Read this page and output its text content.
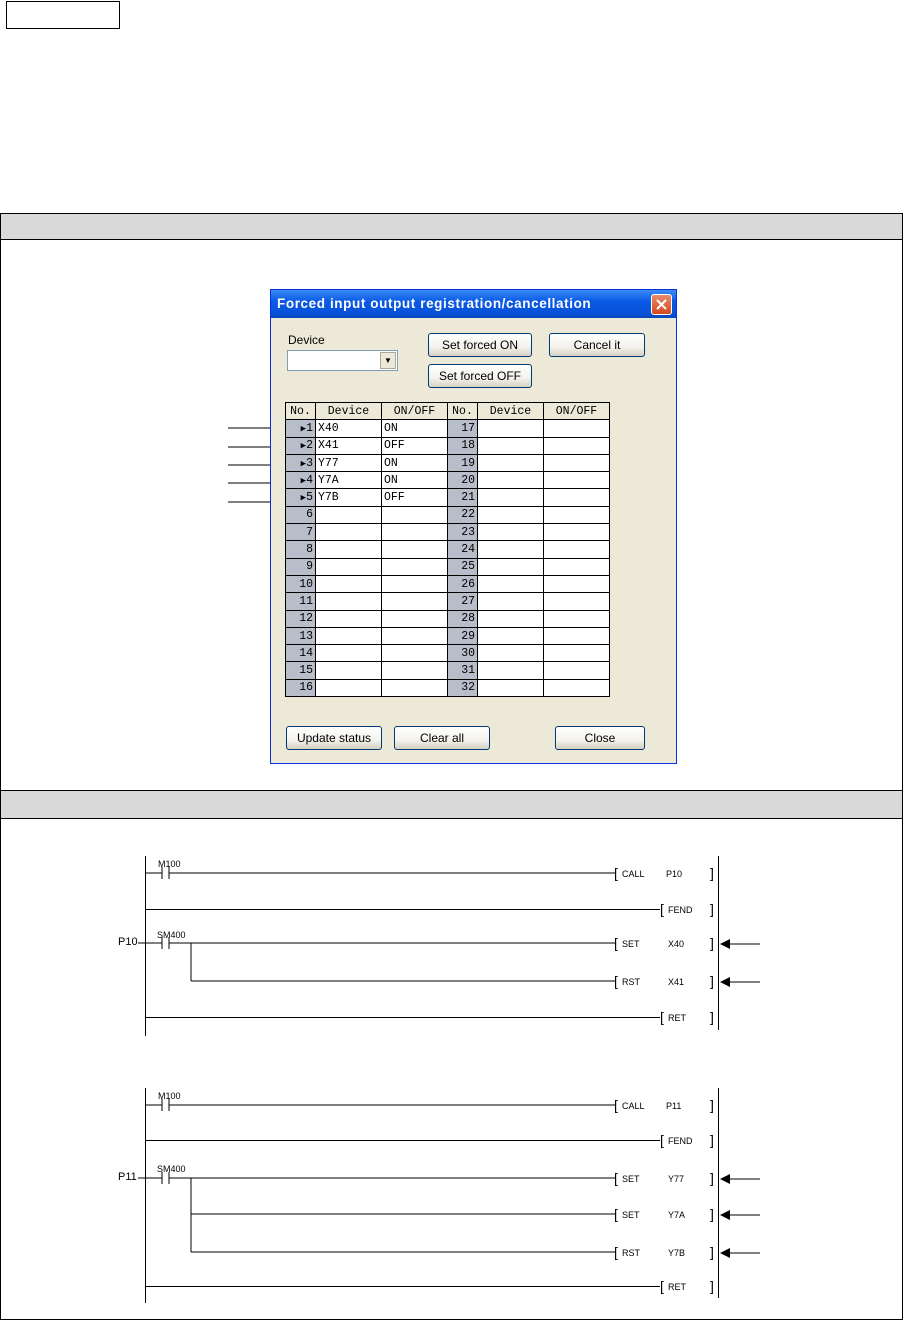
Forced input output registration/cancellation
Device
▼
Set forced ON	Cancel it
Set forced OFF
No.	Device	ON/OFF	No.	Device	ON/OFF
▶1	X40	ON	17		
▶2	X41	OFF	18		
▶3	Y77	ON	19		
▶4	Y7A	ON	20		
▶5	Y7B	OFF	21		
6			22		
7			23		
8			24		
9			25		
10			26		
11			27		
12			28		
13			29		
14			30		
15			31		
16			32		
Update status	Clear all	Close
M100
[ CALL P10 ]
[ FEND ]
P10
SM400	[ SET	X40 ]
[ RST	X41 ]
[ RET ]
M100
[ CALL P11 ]
[ FEND ]
P11
SM400
[ SET	Y77 ]
[ SET	Y7A ]
[ RST	Y7B ]
[ RET ]
